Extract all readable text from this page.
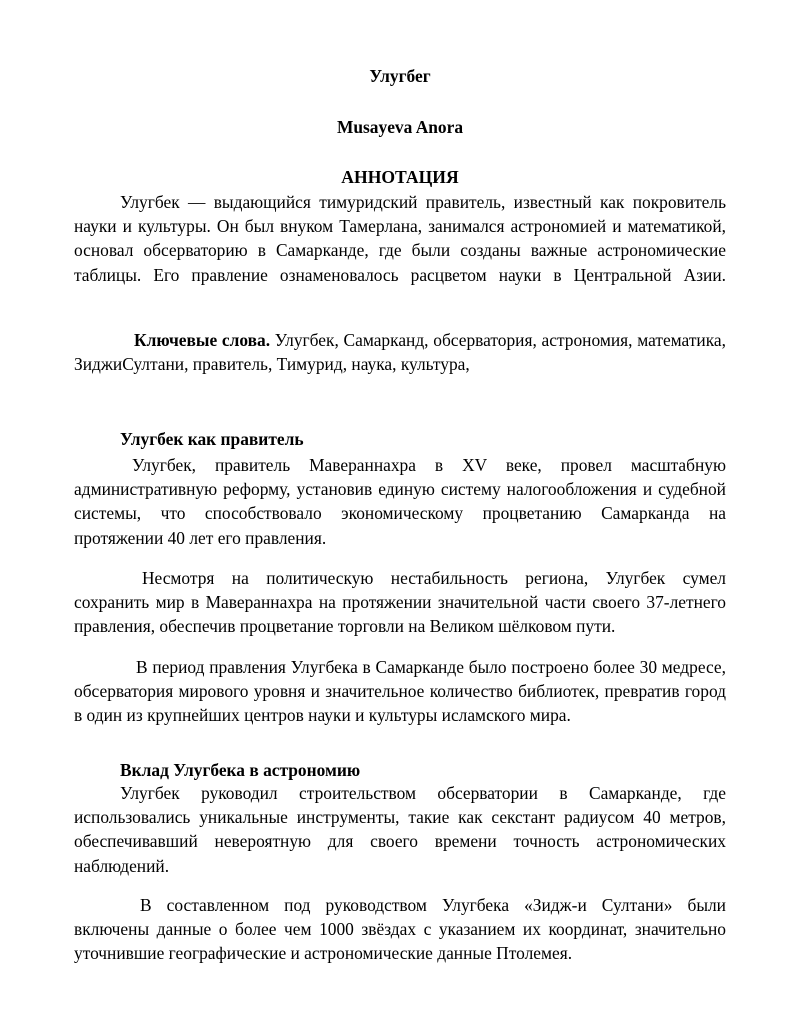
Улугбег
Musayeva Anora
АННОТАЦИЯ

Улугбек — выдающийся тимуридский правитель, известный как покровитель науки и культуры. Он был внуком Тамерлана, занимался астрономией и математикой, основал обсерваторию в Самарканде, где были созданы важные астрономические таблицы. Его правление ознаменовалось расцветом науки в Центральной Азии.

Ключевые слова. Улугбек, Самарканд, обсерватория, астрономия, математика, ЗиджиСултани, правитель, Тимурид, наука, культура,

Улугбек как правитель

Улугбек, правитель Мавераннахра в XV веке, провел масштабную административную реформу, установив единую систему налогообложения и судебной системы, что способствовало экономическому процветанию Самарканда на протяжении 40 лет его правления.

Несмотря на политическую нестабильность региона, Улугбек сумел сохранить мир в Мавераннахра на протяжении значительной части своего 37-летнего правления, обеспечив процветание торговли на Великом шёлковом пути.

В период правления Улугбека в Самарканде было построено более 30 медресе, обсерватория мирового уровня и значительное количество библиотек, превратив город в один из крупнейших центров науки и культуры исламского мира.

Вклад Улугбека в астрономию

Улугбек руководил строительством обсерватории в Самарканде, где использовались уникальные инструменты, такие как секстант радиусом 40 метров, обеспечивавший невероятную для своего времени точность астрономических наблюдений.

В составленном под руководством Улугбека «Зидж-и Султани» были включены данные о более чем 1000 звёздах с указанием их координат, значительно уточнившие географические и астрономические данные Птолемея.
